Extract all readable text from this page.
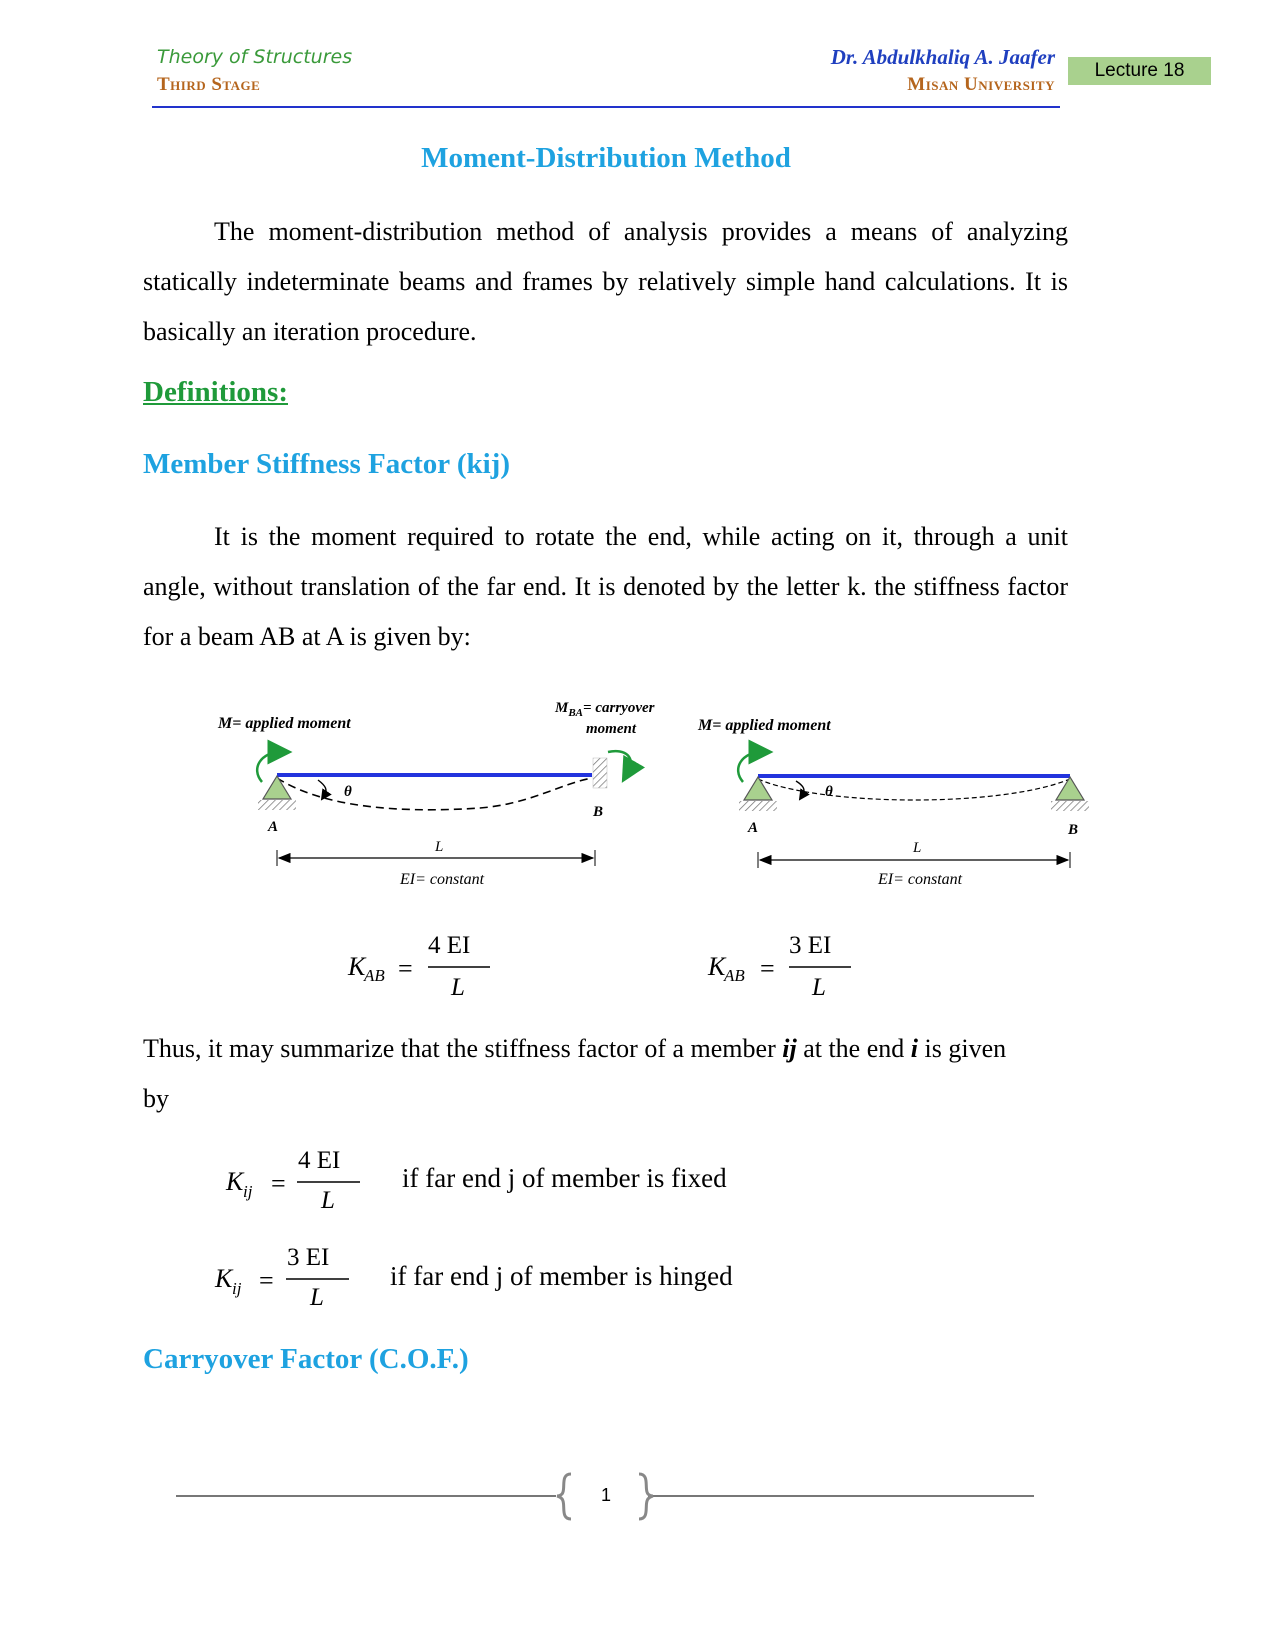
Theory of Structures
Third Stage
Dr. Abdulkhaliq A. Jaafer
Misan University
Lecture 18
Moment-Distribution Method
The moment-distribution method of analysis provides a means of analyzing statically indeterminate beams and frames by relatively simple hand calculations. It is basically an iteration procedure.
Definitions:
Member Stiffness Factor (kij)
It is the moment required to rotate the end, while acting on it, through a unit angle, without translation of the far end. It is denoted by the letter k. the stiffness factor for a beam AB at A is given by:
M= applied moment
$M_{BA}=$ carryover
moment
θ
A
B
L
EI= constant
K
AB =
4 EI
L
M= applied moment
θ
A	B
L
EI= constant
K
AB =
3 EI
L
Thus, it may summarize that the stiffness factor of a member ij at the end i is given
by
K ij =
4 EI
L
K ij =
3 EI
L
if far end j of member is fixed
if far end j of member is hinged
Carryover Factor (C.O.F.)
1
